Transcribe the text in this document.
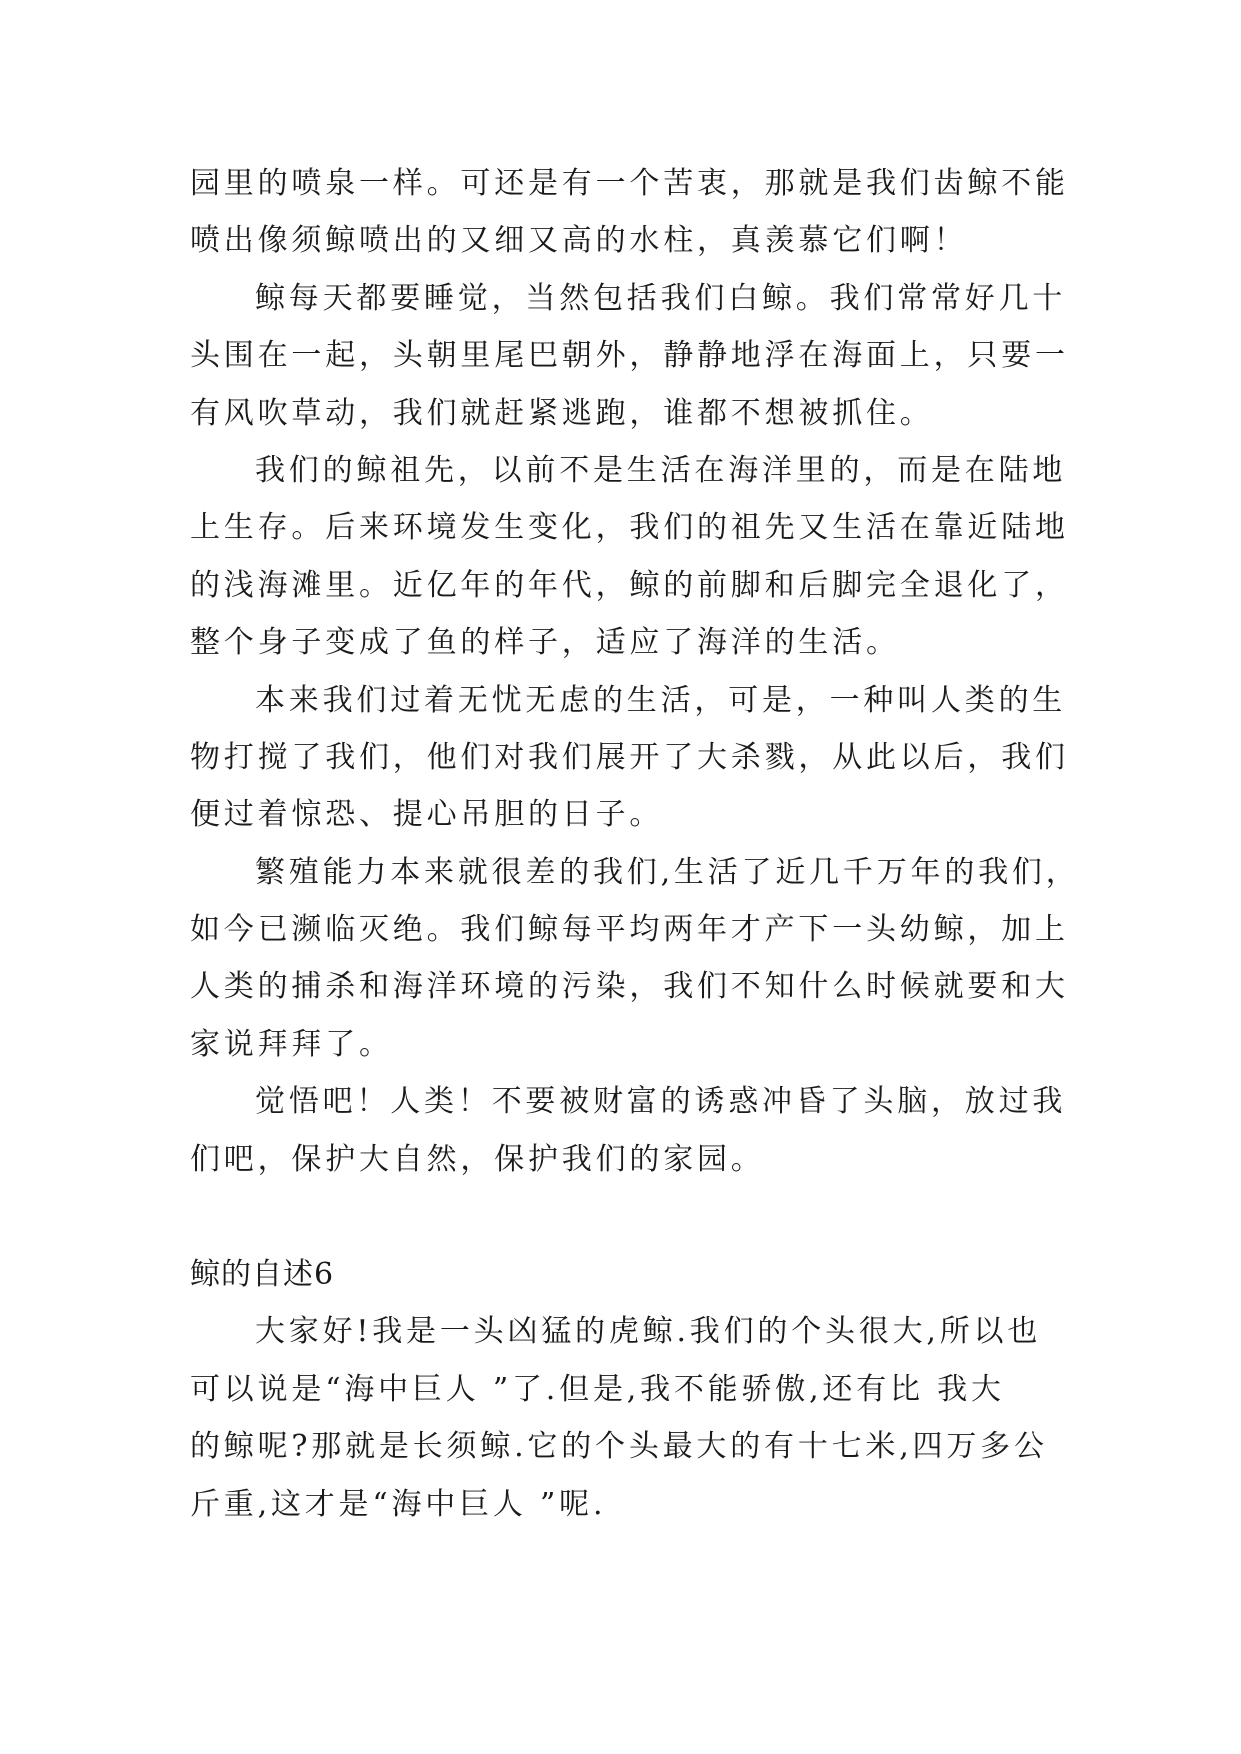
园里的喷泉一样。可还是有一个苦衷，那就是我们齿鲸不能
喷出像须鲸喷出的又细又高的水柱，真羡慕它们啊！
鲸每天都要睡觉，当然包括我们白鲸。我们常常好几十
头围在一起，头朝里尾巴朝外，静静地浮在海面上，只要一
有风吹草动，我们就赶紧逃跑，谁都不想被抓住。
我们的鲸祖先，以前不是生活在海洋里的，而是在陆地
上生存。后来环境发生变化，我们的祖先又生活在靠近陆地
的浅海滩里。近亿年的年代，鲸的前脚和后脚完全退化了，
整个身子变成了鱼的样子，适应了海洋的生活。
本来我们过着无忧无虑的生活，可是，一种叫人类的生
物打搅了我们，他们对我们展开了大杀戮，从此以后，我们
便过着惊恐、提心吊胆的日子。
繁殖能力本来就很差的我们,生活了近几千万年的我们，
如今已濒临灭绝。我们鲸每平均两年才产下一头幼鲸，加上
人类的捕杀和海洋环境的污染，我们不知什么时候就要和大
家说拜拜了。
觉悟吧！人类！不要被财富的诱惑冲昏了头脑，放过我
们吧，保护大自然，保护我们的家园。
鲸的自述6
大家好!我是一头凶猛的虎鲸.我们的个头很大,所以也
可以说是“海中巨人 ”了.但是,我不能骄傲,还有比 我大
的鲸呢?那就是长须鲸.它的个头最大的有十七米,四万多公
斤重,这才是“海中巨人 ”呢.
